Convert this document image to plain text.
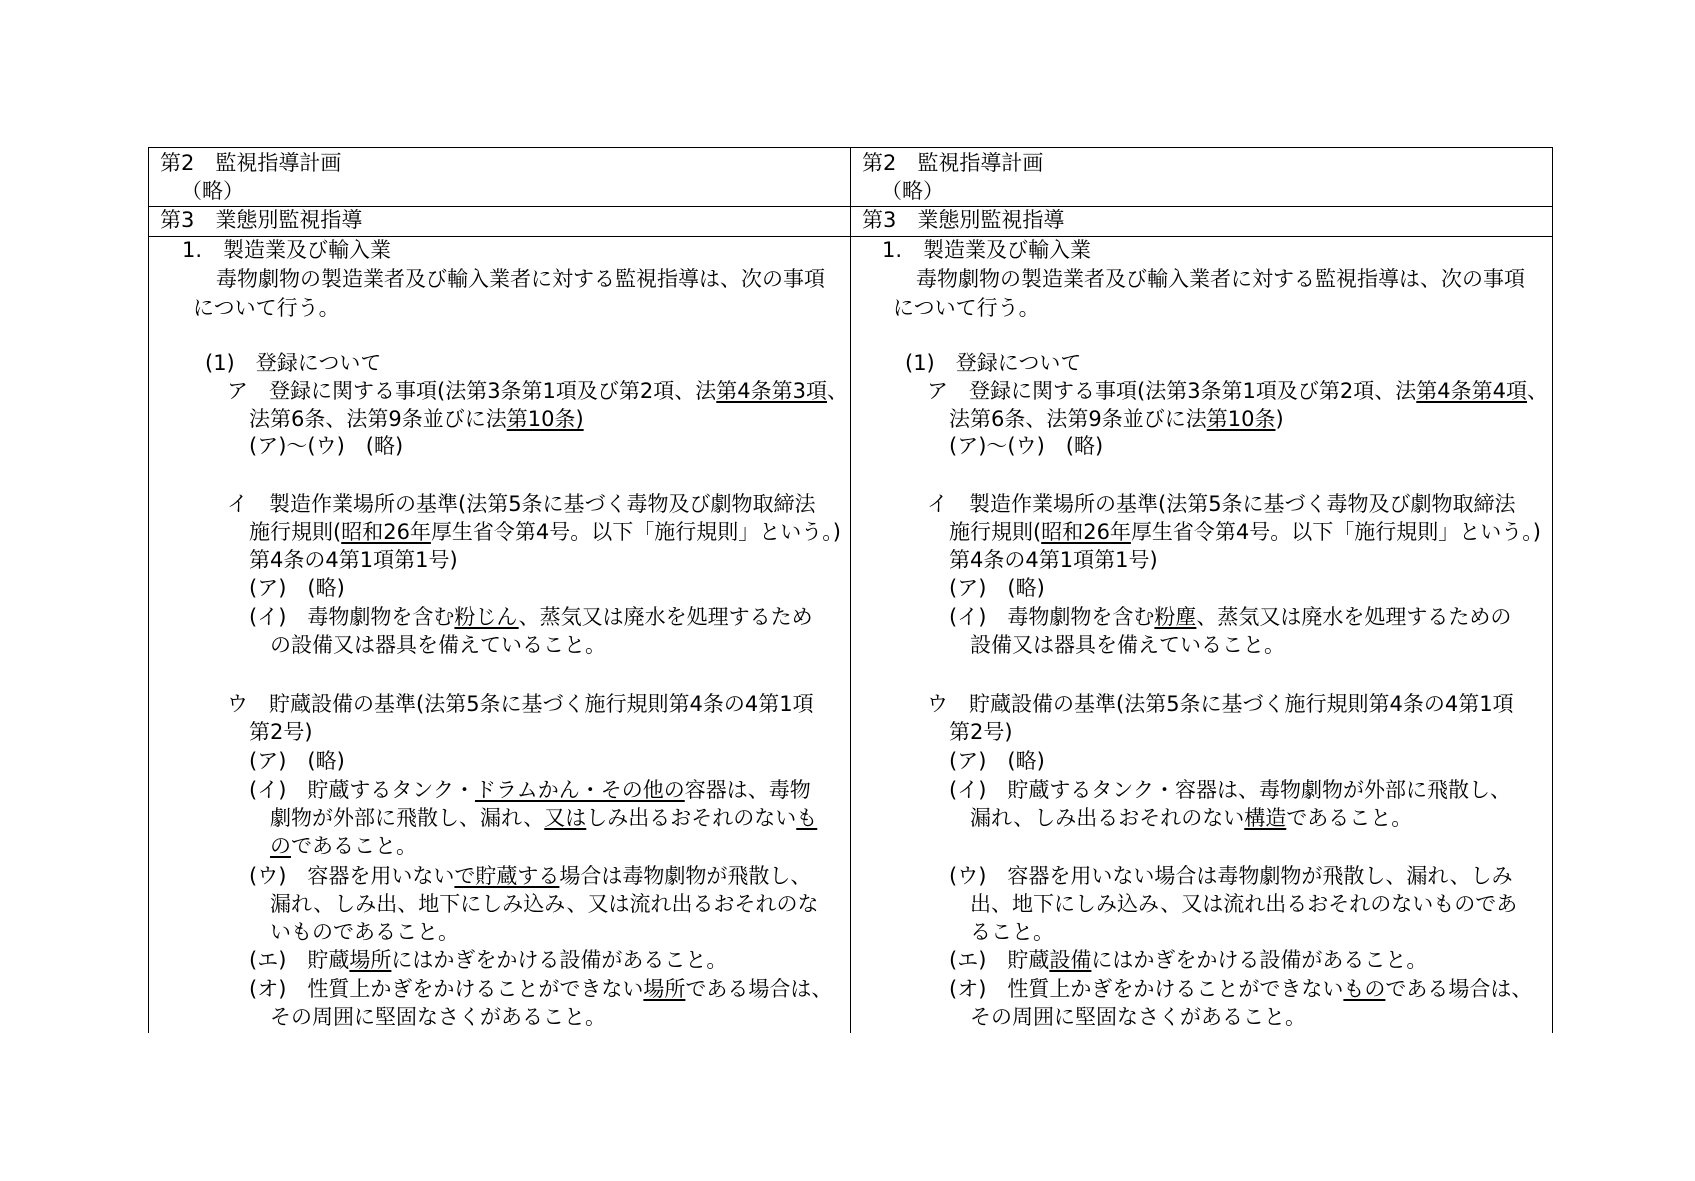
第2　監視指導計画
（略）
第3　業態別監視指導
1.　製造業及び輸入業
毒物劇物の製造業者及び輸入業者に対する監視指導は、次の事項
について行う。
(1)　登録について
ア　登録に関する事項(法第3条第1項及び第2項、法第4条第3項、
法第6条、法第9条並びに法第10条)
(ア)～(ウ)　(略)
イ　製造作業場所の基準(法第5条に基づく毒物及び劇物取締法
施行規則(昭和26年厚生省令第4号。以下「施行規則」という。)
第4条の4第1項第1号)
(ア)　(略)
(イ)　毒物劇物を含む粉じん、蒸気又は廃水を処理するため
の設備又は器具を備えていること。
ウ　貯蔵設備の基準(法第5条に基づく施行規則第4条の4第1項
第2号)
(ア)　(略)
(イ)　貯蔵するタンク・ドラムかん・その他の容器は、毒物
劇物が外部に飛散し、漏れ、又はしみ出るおそれのないも
のであること。
(ウ)　容器を用いないで貯蔵する場合は毒物劇物が飛散し、
漏れ、しみ出、地下にしみ込み、又は流れ出るおそれのな
いものであること。
(エ)　貯蔵場所にはかぎをかける設備があること。
(オ)　性質上かぎをかけることができない場所である場合は、
その周囲に堅固なさくがあること。
第2　監視指導計画
（略）
第3　業態別監視指導
1.　製造業及び輸入業
毒物劇物の製造業者及び輸入業者に対する監視指導は、次の事項
について行う。
(1)　登録について
ア　登録に関する事項(法第3条第1項及び第2項、法第4条第4項、
法第6条、法第9条並びに法第10条)
(ア)～(ウ)　(略)
イ　製造作業場所の基準(法第5条に基づく毒物及び劇物取締法
施行規則(昭和26年厚生省令第4号。以下「施行規則」という。)
第4条の4第1項第1号)
(ア)　(略)
(イ)　毒物劇物を含む粉塵、蒸気又は廃水を処理するための
設備又は器具を備えていること。
ウ　貯蔵設備の基準(法第5条に基づく施行規則第4条の4第1項
第2号)
(ア)　(略)
(イ)　貯蔵するタンク・容器は、毒物劇物が外部に飛散し、
漏れ、しみ出るおそれのない構造であること。
(ウ)　容器を用いない場合は毒物劇物が飛散し、漏れ、しみ
出、地下にしみ込み、又は流れ出るおそれのないものであ
ること。
(エ)　貯蔵設備にはかぎをかける設備があること。
(オ)　性質上かぎをかけることができないものである場合は、
その周囲に堅固なさくがあること。
